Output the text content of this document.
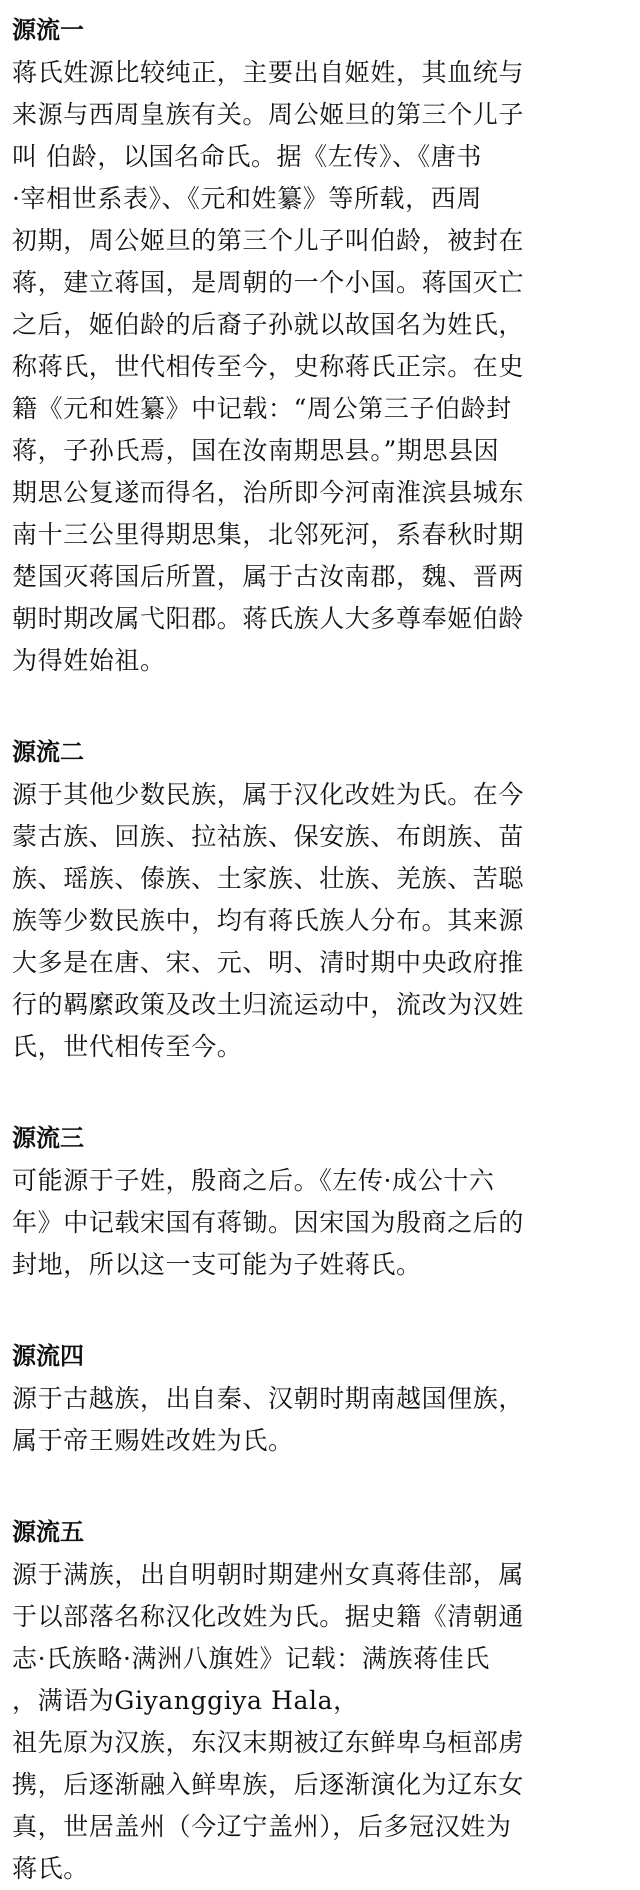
源流一
蒋氏姓源比较纯正，主要出自姬姓，其血统与
来源与西周皇族有关。周公姬旦的第三个儿子
叫 伯龄，以国名命氏。据《左传》、《唐书
·宰相世系表》、《元和姓纂》等所载，西周
初期，周公姬旦的第三个儿子叫伯龄，被封在
蒋，建立蒋国，是周朝的一个小国。蒋国灭亡
之后，姬伯龄的后裔子孙就以故国名为姓氏，
称蒋氏，世代相传至今，史称蒋氏正宗。在史
籍《元和姓纂》中记载：“周公第三子伯龄封
蒋，子孙氏焉，国在汝南期思县。”期思县因
期思公复遂而得名，治所即今河南淮滨县城东
南十三公里得期思集，北邻死河，系春秋时期
楚国灭蒋国后所置，属于古汝南郡，魏、晋两
朝时期改属弋阳郡。蒋氏族人大多尊奉姬伯龄
为得姓始祖。
源流二
源于其他少数民族，属于汉化改姓为氏。在今
蒙古族、回族、拉祜族、保安族、布朗族、苗
族、瑶族、傣族、土家族、壮族、羌族、苦聪
族等少数民族中，均有蒋氏族人分布。其来源
大多是在唐、宋、元、明、清时期中央政府推
行的羁縻政策及改土归流运动中，流改为汉姓
氏，世代相传至今。
源流三
可能源于子姓，殷商之后。《左传·成公十六
年》中记载宋国有蒋锄。因宋国为殷商之后的
封地，所以这一支可能为子姓蒋氏。
源流四
源于古越族，出自秦、汉朝时期南越国俚族，
属于帝王赐姓改姓为氏。
源流五
源于满族，出自明朝时期建州女真蒋佳部，属
于以部落名称汉化改姓为氏。据史籍《清朝通
志·氏族略·满洲八旗姓》记载：满族蒋佳氏
，满语为Giyanggiya Hala，
祖先原为汉族，东汉末期被辽东鲜卑乌桓部虏
携，后逐渐融入鲜卑族，后逐渐演化为辽东女
真，世居盖州（今辽宁盖州），后多冠汉姓为
蒋氏。
